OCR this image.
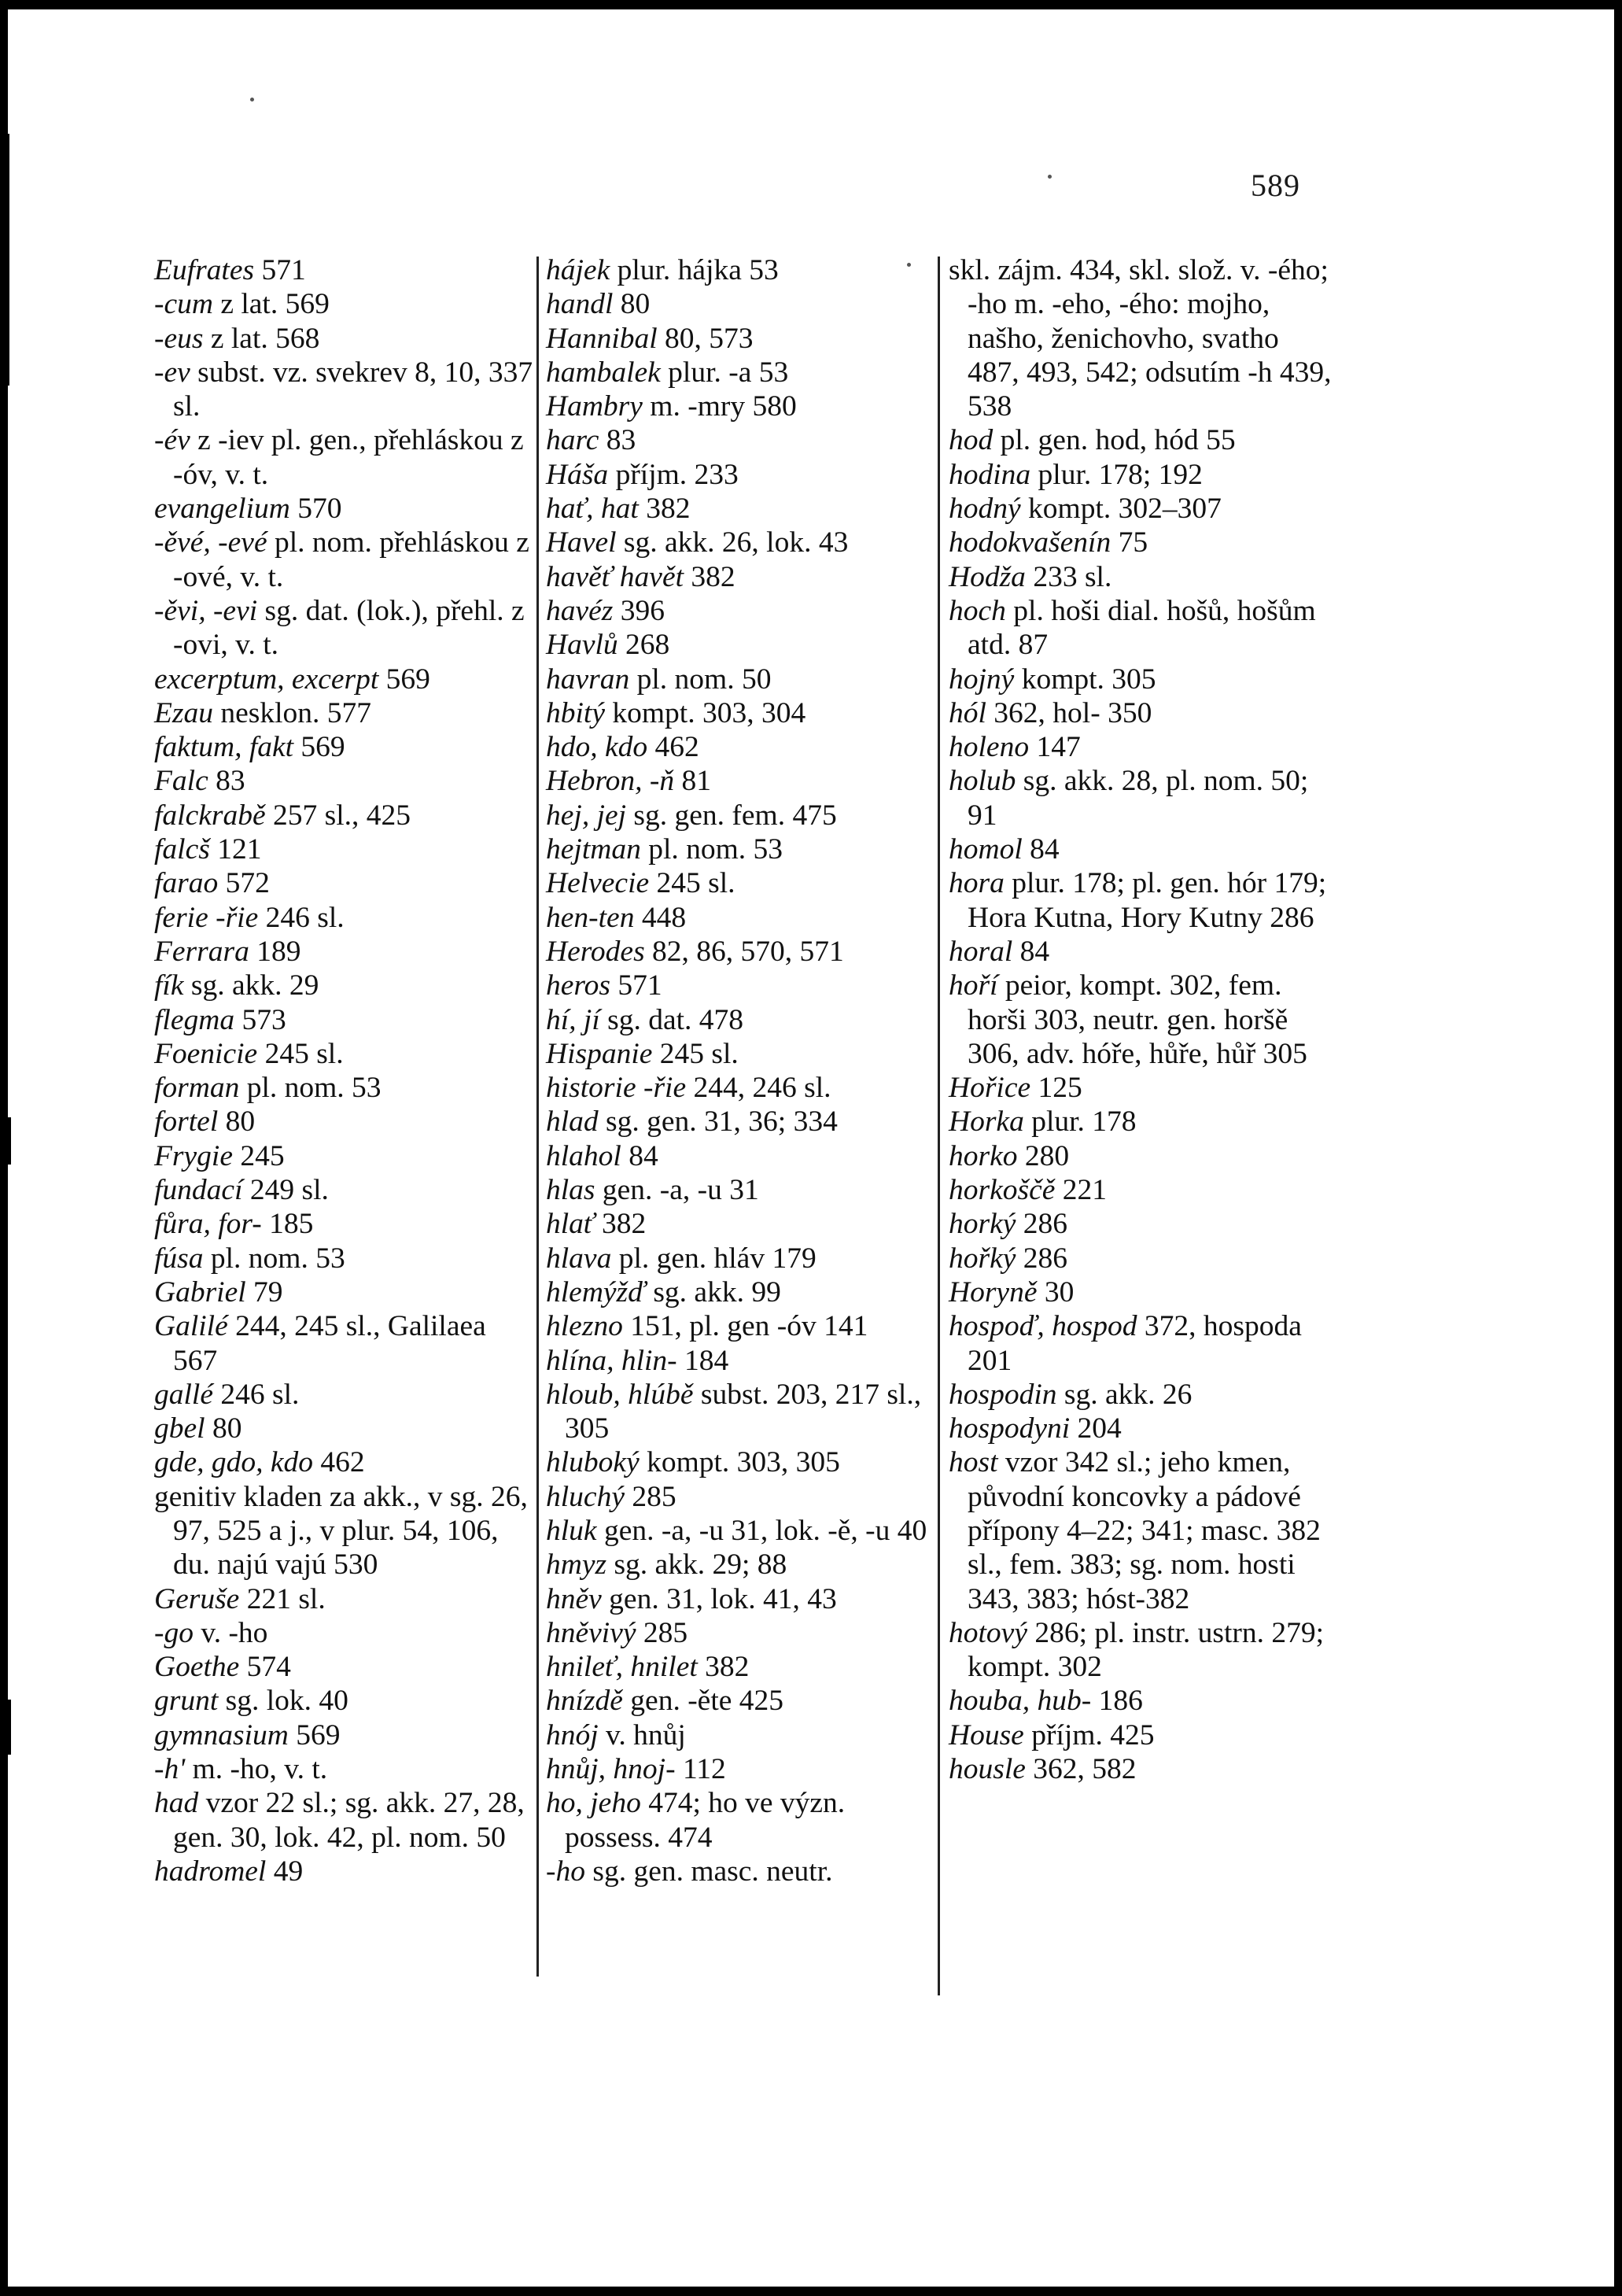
589

Eufrates 571

-cum z lat. 569

-eus z lat. 568

-ev subst. vz. svekrev 8, 10, 337 sl.

-év z -iev pl. gen., přehláskou z -óv, v. t.

evangelium 570

-ěvé, -evé pl. nom. přehláskou z -ové, v. t.

-ěvi, -evi sg. dat. (lok.), přehl. z -ovi, v. t.

excerptum, excerpt 569

Ezau nesklon. 577

faktum, fakt 569

Falc 83

falckrabě 257 sl., 425

falcš 121

farao 572

ferie -řie 246 sl.

Ferrara 189

fík sg. akk. 29

flegma 573

Foenicie 245 sl.

forman pl. nom. 53

fortel 80

Frygie 245

fundací 249 sl.

fůra, for- 185

fúsa pl. nom. 53

Gabriel 79

Galilé 244, 245 sl., Galilaea 567

gallé 246 sl.

gbel 80

gde, gdo, kdo 462

genitiv kladen za akk., v sg. 26, 97, 525 a j., v plur. 54, 106, du. najú vajú 530

Geruše 221 sl.

-go v. -ho

Goethe 574

grunt sg. lok. 40

gymnasium 569

-h' m. -ho, v. t.

had vzor 22 sl.; sg. akk. 27, 28, gen. 30, lok. 42, pl. nom. 50

hadromel 49

hájek plur. hájka 53

handl 80

Hannibal 80, 573

hambalek plur. -a 53

Hambry m. -mry 580

harc 83

Háša příjm. 233

hať, hat 382

Havel sg. akk. 26, lok. 43

havěť havět 382

havéz 396

Havlů 268

havran pl. nom. 50

hbitý kompt. 303, 304

hdo, kdo 462

Hebron, -ň 81

hej, jej sg. gen. fem. 475

hejtman pl. nom. 53

Helvecie 245 sl.

hen-ten 448

Herodes 82, 86, 570, 571

heros 571

hí, jí sg. dat. 478

Hispanie 245 sl.

historie -řie 244, 246 sl.

hlad sg. gen. 31, 36; 334

hlahol 84

hlas gen. -a, -u 31

hlať 382

hlava pl. gen. hláv 179

hlemýžď sg. akk. 99

hlezno 151, pl. gen -óv 141

hlína, hlin- 184

hloub, hlúbě subst. 203, 217 sl., 305

hluboký kompt. 303, 305

hluchý 285

hluk gen. -a, -u 31, lok. -ě, -u 40

hmyz sg. akk. 29; 88

hněv gen. 31, lok. 41, 43

hněvivý 285

hnileť, hnilet 382

hnízdě gen. -ěte 425

hnój v. hnůj

hnůj, hnoj- 112

ho, jeho 474; ho ve význ. possess. 474

-ho sg. gen. masc. neutr.

skl. zájm. 434, skl. slož. v. -ého; -ho m. -eho, -ého: mojho, našho, ženichovho, svatho 487, 493, 542; odsutím -h 439, 538

hod pl. gen. hod, hód 55

hodina plur. 178; 192

hodný kompt. 302–307

hodokvašenín 75

Hodža 233 sl.

hoch pl. hoši dial. hošů, hošům atd. 87

hojný kompt. 305

hól 362, hol- 350

holeno 147

holub sg. akk. 28, pl. nom. 50; 91

homol 84

hora plur. 178; pl. gen. hór 179; Hora Kutna, Hory Kutny 286

horal 84

hoří peior, kompt. 302, fem. horši 303, neutr. gen. horšě 306, adv. hóře, hůře, hůř 305

Hořice 125

Horka plur. 178

horko 280

horkoščě 221

horký 286

hořký 286

Horyně 30

hospoď, hospod 372, hospoda 201

hospodin sg. akk. 26

hospodyni 204

host vzor 342 sl.; jeho kmen, původní koncovky a pádové přípony 4–22; 341; masc. 382 sl., fem. 383; sg. nom. hosti 343, 383; hóst-382

hotový 286; pl. instr. ustrn. 279; kompt. 302

houba, hub- 186

House příjm. 425

housle 362, 582
